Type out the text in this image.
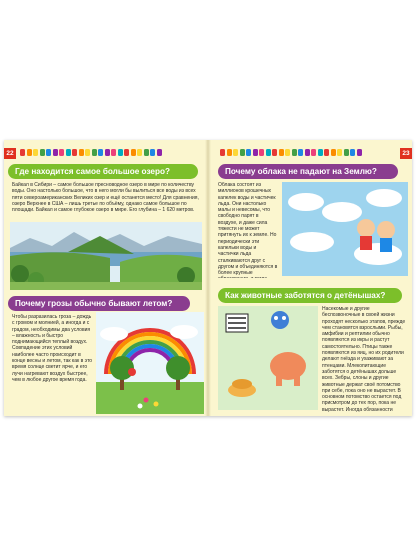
22
Где находится самое большое озеро?
Байкал в Сибири – самое большое пресноводное озеро в мире по количеству воды. Оно настолько большое, что в него могли бы вылиться все воды из всех пяти североамериканских Великих озер и ещё останется место! Для сравнения, озеро Верхнее в США – лишь третье по объёму, однако самое большое по площади. Байкал и самое глубокое озеро в мире. Его глубина – 1 620 метров.
Почему грозы обычно бывают летом?
Чтобы разразилась гроза – дождь с громом и молнией, а иногда и с градом, необходимы два условия – влажность и быстро поднимающийся теплый воздух. Совпадение этих условий наиболее часто происходит в конце весны и летом, так как в это время солнце светит ярче, и его лучи нагревают воздух быстрее, чем в любое другое время года.
23
Почему облака не падают на Землю?
Облака состоят из миллионов крошечных капелек воды и частичек льда. Они настолько малы и невесомы, что свободно парят в воздухе, и даже сила тяжести не может притянуть их к земле. Но периодически эти капельки воды и частички льда сталкиваются друг с другом и объединяются в более крупные
Как животные заботятся о детёнышах?
Насекомые и другие беспозвоночные в своей жизни проходят несколько этапов, прежде чем становятся взрослыми. Рыбы, амфибии и рептилии обычно появляются из икры и растут самостоятельно. Птицы также появляются из яиц, но их родители делают гнёзда и ухаживают за птенцами. Млекопитающие заботятся о детёнышах дольше всех. Зебры, слоны и другие животные держат своё потомство при себе, пока оно не вырастет. В основном потомство остается под присмотром до тех пор, пока не вырастет. Иногда обязанности
